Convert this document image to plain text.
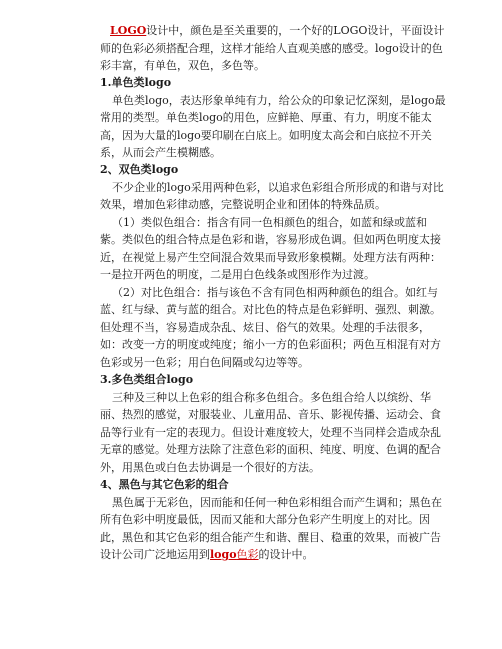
LOGO设计中，颜色是至关重要的，一个好的LOGO设计，平面设计
师的色彩必须搭配合理，这样才能给人直观美感的感受。logo设计的色
彩丰富，有单色，双色，多色等。
1.单色类logo
单色类logo，表达形象单纯有力，给公众的印象记忆深刻，是logo最
常用的类型。单色类logo的用色，应鲜艳、厚重、有力，明度不能太
高，因为大量的logo要印刷在白底上。如明度太高会和白底拉不开关
系，从而会产生模糊感。
2、双色类logo
不少企业的logo采用两种色彩，以追求色彩组合所形成的和谐与对比
效果，增加色彩律动感，完整说明企业和团体的特殊品质。
（1）类似色组合：指含有同一色相颜色的组合，如蓝和绿或蓝和
紫。类似色的组合特点是色彩和谐，容易形成色调。但如两色明度太接
近，在视觉上易产生空间混合效果而导致形象模糊。处理方法有两种：
一是拉开两色的明度，二是用白色线条或图形作为过渡。
（2）对比色组合：指与该色不含有同色相两种颜色的组合。如红与
蓝、红与绿、黄与蓝的组合。对比色的特点是色彩鲜明、强烈、刺激。
但处理不当，容易造成杂乱、炫目、俗气的效果。处理的手法很多，
如：改变一方的明度或纯度；缩小一方的色彩面积；两色互相混有对方
色彩或另一色彩；用白色间隔或勾边等等。
3.多色类组合logo
三种及三种以上色彩的组合称多色组合。多色组合给人以缤纷、华
丽、热烈的感觉，对服装业、儿童用品、音乐、影视传播、运动会、食
品等行业有一定的表现力。但设计难度较大，处理不当同样会造成杂乱
无章的感觉。处理方法除了注意色彩的面积、纯度、明度、色调的配合
外，用黑色或白色去协调是一个很好的方法。
4、黑色与其它色彩的组合
黑色属于无彩色，因而能和任何一种色彩相组合而产生调和；黑色在
所有色彩中明度最低，因而又能和大部分色彩产生明度上的对比。因
此，黑色和其它色彩的组合能产生和谐、醒目、稳重的效果，而被广告
设计公司广泛地运用到logo色彩的设计中。
